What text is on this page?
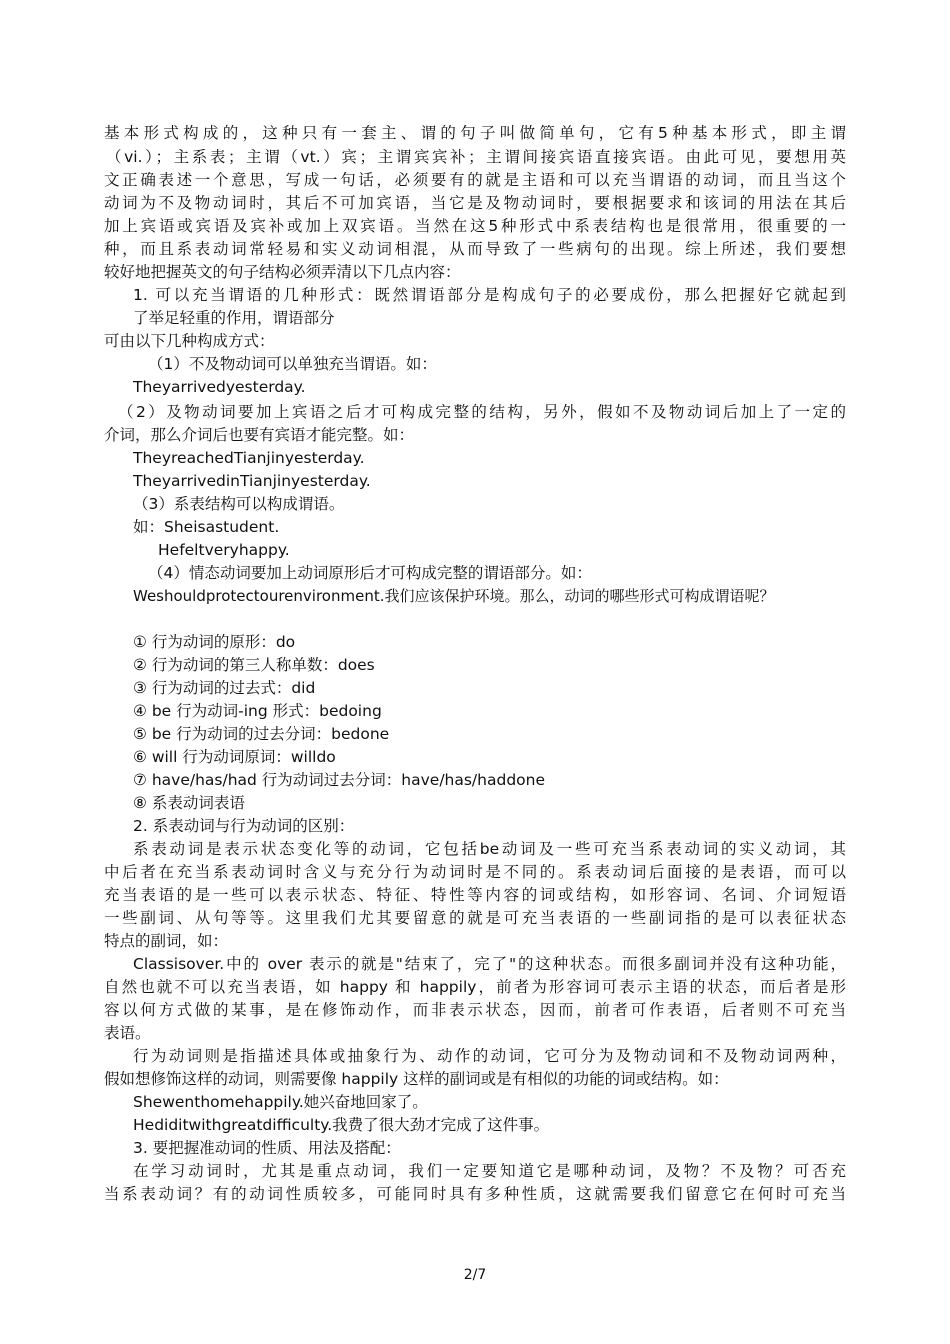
基本形式构成的，这种只有一套主、谓的句子叫做简单句，它有5种基本形式，即主谓
（vi.）；主系表；主谓（vt.）宾；主谓宾宾补；主谓间接宾语直接宾语。由此可见，要想用英
文正确表述一个意思，写成一句话，必须要有的就是主语和可以充当谓语的动词，而且当这个
动词为不及物动词时，其后不可加宾语，当它是及物动词时，要根据要求和该词的用法在其后
加上宾语或宾语及宾补或加上双宾语。当然在这5种形式中系表结构也是很常用，很重要的一
种，而且系表动词常轻易和实义动词相混，从而导致了一些病句的出现。综上所述，我们要想
较好地把握英文的句子结构必须弄清以下几点内容：
1. 可以充当谓语的几种形式：既然谓语部分是构成句子的必要成份，那么把握好它就起到
了举足轻重的作用，谓语部分
可由以下几种构成方式：
（1）不及物动词可以单独充当谓语。如：
Theyarrivedyesterday.
（2）及物动词要加上宾语之后才可构成完整的结构，另外，假如不及物动词后加上了一定的
介词，那么介词后也要有宾语才能完整。如：
TheyreachedTianjinyesterday.
TheyarrivedinTianjinyesterday.
（3）系表结构可以构成谓语。
如：Sheisastudent.
Hefeltveryhappy.
（4）情态动词要加上动词原形后才可构成完整的谓语部分。如：
Weshouldprotectourenvironment.我们应该保护环境。那么，动词的哪些形式可构成谓语呢？
① 行为动词的原形：do
② 行为动词的第三人称单数：does
③ 行为动词的过去式：did
④ be 行为动词-ing 形式：bedoing
⑤ be 行为动词的过去分词：bedone
⑥ will 行为动词原词：willdo
⑦ have/has/had 行为动词过去分词：have/has/haddone
⑧ 系表动词表语
2. 系表动词与行为动词的区别：
系表动词是表示状态变化等的动词，它包括be动词及一些可充当系表动词的实义动词，其
中后者在充当系表动词时含义与充分行为动词时是不同的。系表动词后面接的是表语，而可以
充当表语的是一些可以表示状态、特征、特性等内容的词或结构，如形容词、名词、介词短语
一些副词、从句等等。这里我们尤其要留意的就是可充当表语的一些副词指的是可以表征状态
特点的副词，如：
Classisover.中的 over 表示的就是"结束了，完了"的这种状态。而很多副词并没有这种功能，
自然也就不可以充当表语，如 happy 和 happily，前者为形容词可表示主语的状态，而后者是形
容以何方式做的某事，是在修饰动作，而非表示状态，因而，前者可作表语，后者则不可充当
表语。
行为动词则是指描述具体或抽象行为、动作的动词，它可分为及物动词和不及物动词两种，
假如想修饰这样的动词，则需要像 happily 这样的副词或是有相似的功能的词或结构。如：
Shewenthomehappily.她兴奋地回家了。
Hediditwithgreatdifficulty.我费了很大劲才完成了这件事。
3. 要把握准动词的性质、用法及搭配：
在学习动词时，尤其是重点动词，我们一定要知道它是哪种动词，及物？不及物？可否充
当系表动词？有的动词性质较多，可能同时具有多种性质，这就需要我们留意它在何时可充当
2/7
